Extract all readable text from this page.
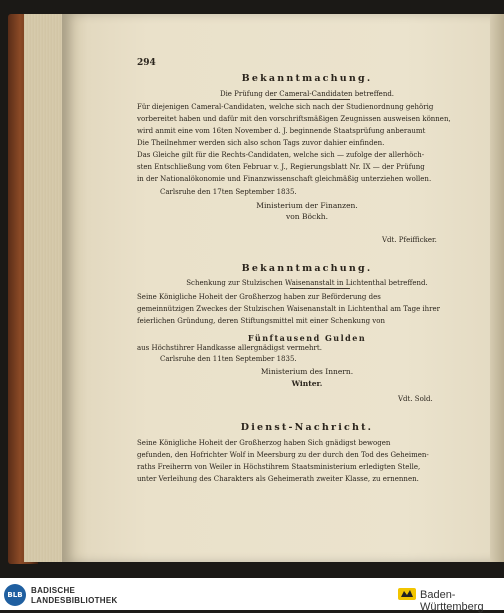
294
Bekanntmachung.
Die Prüfung der Cameral-Candidaten betreffend.
Für diejenigen Cameral-Candidaten, welche sich nach der Studienordnung gehörig
vorbereitet haben und dafür mit den vorschriftsmäßigen Zeugnissen ausweisen können,
wird anmit eine vom 16ten November d. J. beginnende Staatsprüfung anberaumt
Die Theilnehmer werden sich also schon Tags zuvor dahier einfinden.
Das Gleiche gilt für die Rechts-Candidaten, welche sich — zufolge der allerhöch-
sten Entschließung vom 6ten Februar v. J., Regierungsblatt Nr. IX — der Prüfung
in der Nationalökonomie und Finanzwissenschaft gleichmäßig unterziehen wollen.
Carlsruhe den 17ten September 1835.
Ministerium der Finanzen.
von Böckh.
Vdt. Pfeifficker.
Bekanntmachung.
Schenkung zur Stulzischen Waisenanstalt in Lichtenthal betreffend.
Seine Königliche Hoheit der Großherzog haben zur Beförderung des
gemeinnützigen Zweckes der Stulzischen Waisenanstalt in Lichtenthal am Tage ihrer
feierlichen Gründung, deren Stiftungsmittel mit einer Schenkung von
Fünftausend Gulden
aus Höchstihrer Handkasse allergnädigst vermehrt.
Carlsruhe den 11ten September 1835.
Ministerium des Innern.
Winter.
Vdt. Sold.
Dienst-Nachricht.
Seine Königliche Hoheit der Großherzog haben Sich gnädigst bewogen
gefunden, den Hofrichter Wolf in Meersburg zu der durch den Tod des Geheimen-
raths Freiherrn von Weiler in Höchstihrem Staatsministerium erledigten Stelle,
unter Verleihung des Charakters als Geheimerath zweiter Klasse, zu ernennen.
BLB	BADISCHE
LANDESBIBLIOTHEK	Baden-Württemberg
